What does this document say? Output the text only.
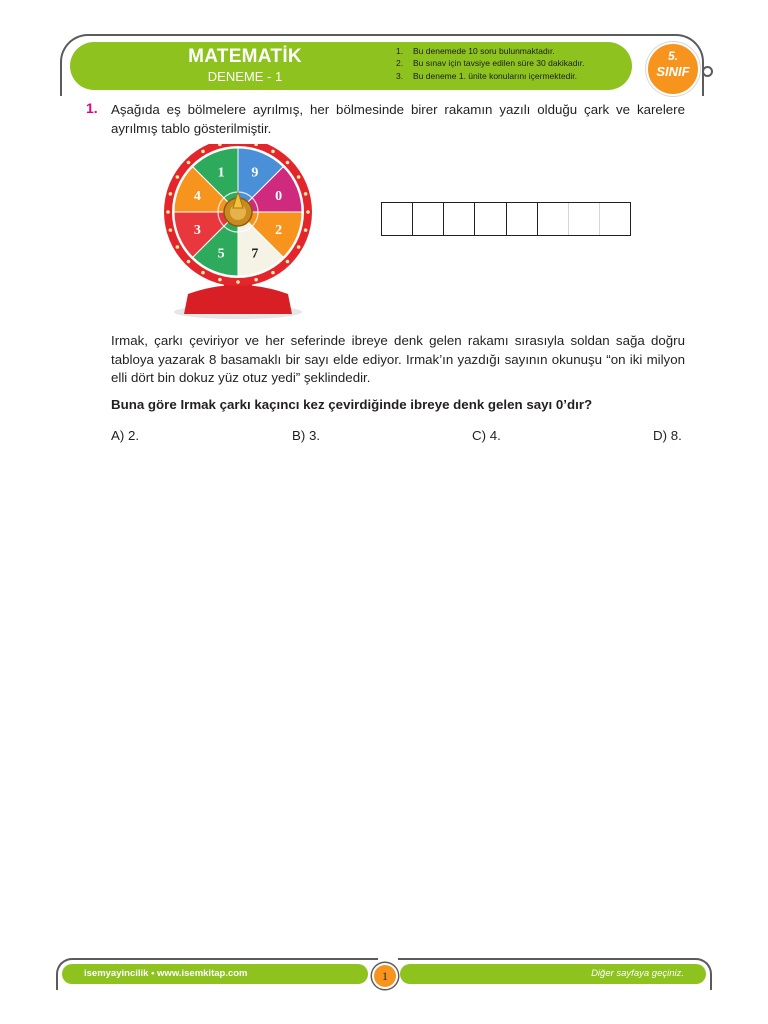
MATEMATİK
DENEME - 1
1. Bu denemede 10 soru bulunmaktadır.
2. Bu sınav için tavsiye edilen süre 30 dakikadır.
3. Bu deneme 1. ünite konularını içermektedir.
5.
SINIF
1. Aşağıda eş bölmelere ayrılmış, her bölmesinde birer rakamın yazılı olduğu çark ve karelere ayrılmış tablo gösterilmiştir.

9
0
2
7
5
3
4
1

Irmak, çarkı çeviriyor ve her seferinde ibreye denk gelen rakamı sırasıyla soldan sağa doğru tabloya yazarak 8 basamaklı bir sayı elde ediyor. Irmak’ın yazdığı sayının okunuşu “on iki milyon elli dört bin dokuz yüz otuz yedi” şeklindedir.

Buna göre Irmak çarkı kaçıncı kez çevirdiğinde ibreye denk gelen sayı 0’dır?

A) 2.	B) 3.	C) 4.	D) 8.
isemyayincilik • www.isemkitap.com	Diğer sayfaya geçiniz.
1
